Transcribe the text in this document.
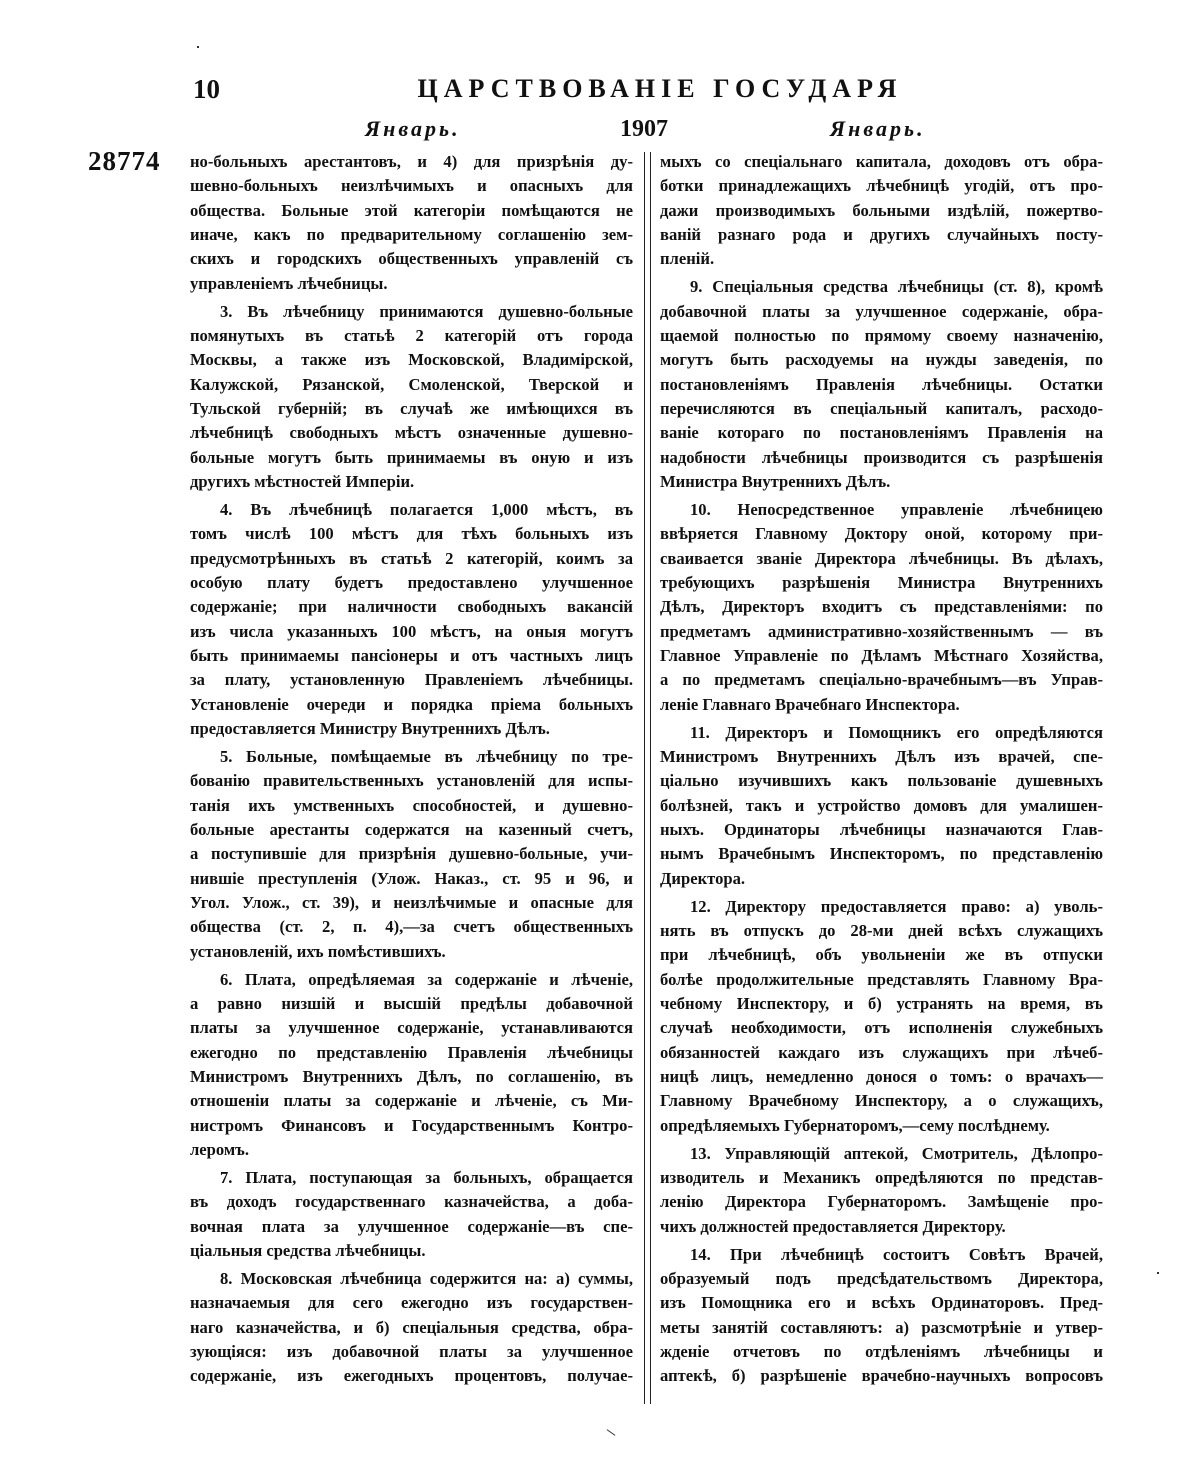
10	ЦАРСТВОВАНІЕ ГОСУДАРЯ
Январь.	1907	Январь.
28774 но-больныхъ арестантовъ, и 4) для призрѣнія ду-
шевно-больныхъ неизлѣчимыхъ и опасныхъ для
общества. Больные этой категоріи помѣщаются не
иначе, какъ по предварительному соглашенію зем-
скихъ и городскихъ общественныхъ управленій съ
управленіемъ лѣчебницы.
3. Въ лѣчебницу принимаются душевно-больные
помянутыхъ въ статьѣ 2 категорій отъ города
Москвы, а также изъ Московской, Владимірской,
Калужской, Рязанской, Смоленской, Тверской и
Тульской губерній; въ случаѣ же имѣющихся въ
лѣчебницѣ свободныхъ мѣстъ означенные душевно-
больные могутъ быть принимаемы въ оную и изъ
другихъ мѣстностей Имперіи.
4. Въ лѣчебницѣ полагается 1,000 мѣстъ, въ
томъ числѣ 100 мѣстъ для тѣхъ больныхъ изъ
предусмотрѣнныхъ въ статьѣ 2 категорій, коимъ за
особую плату будетъ предоставлено улучшенное
содержаніе; при наличности свободныхъ вакансій
изъ числа указанныхъ 100 мѣстъ, на оныя могутъ
быть принимаемы пансіонеры и отъ частныхъ лицъ
за плату, установленную Правленіемъ лѣчебницы.
Установленіе очереди и порядка пріема больныхъ
предоставляется Министру Внутреннихъ Дѣлъ.
5. Больные, помѣщаемые въ лѣчебницу по тре-
бованію правительственныхъ установленій для испы-
танія ихъ умственныхъ способностей, и душевно-
больные арестанты содержатся на казенный счетъ,
а поступившіе для призрѣнія душевно-больные, учи-
нившіе преступленія (Улож. Наказ., ст. 95 и 96, и
Угол. Улож., ст. 39), и неизлѣчимые и опасные для
общества (ст. 2, п. 4),—за счетъ общественныхъ
установленій, ихъ помѣстившихъ.
6. Плата, опредѣляемая за содержаніе и лѣченіе,
а равно низшій и высшій предѣлы добавочной
платы за улучшенное содержаніе, устанавливаются
ежегодно по представленію Правленія лѣчебницы
Министромъ Внутреннихъ Дѣлъ, по соглашенію, въ
отношеніи платы за содержаніе и лѣченіе, съ Ми-
нистромъ Финансовъ и Государственнымъ Контро-
леромъ.
7. Плата, поступающая за больныхъ, обращается
въ доходъ государственнаго казначейства, а доба-
вочная плата за улучшенное содержаніе—въ спе-
ціальныя средства лѣчебницы.
8. Московская лѣчебница содержится на: а) суммы,
назначаемыя для сего ежегодно изъ государствен-
наго казначейства, и б) спеціальныя средства, обра-
зующіяся: изъ добавочной платы за улучшенное
содержаніе, изъ ежегодныхъ процентовъ, получае-
мыхъ со спеціальнаго капитала, доходовъ отъ обра-
ботки принадлежащихъ лѣчебницѣ угодій, отъ про-
дажи производимыхъ больными издѣлій, пожертво-
ваній разнаго рода и другихъ случайныхъ посту-
пленій.
9. Спеціальныя средства лѣчебницы (ст. 8), кромѣ
добавочной платы за улучшенное содержаніе, обра-
щаемой полностью по прямому своему назначенію,
могутъ быть расходуемы на нужды заведенія, по
постановленіямъ Правленія лѣчебницы. Остатки
перечисляются въ спеціальный капиталъ, расходо-
ваніе котораго по постановленіямъ Правленія на
надобности лѣчебницы производится съ разрѣшенія
Министра Внутреннихъ Дѣлъ.
10. Непосредственное управленіе лѣчебницею
ввѣряется Главному Доктору оной, которому при-
сваивается званіе Директора лѣчебницы. Въ дѣлахъ,
требующихъ разрѣшенія Министра Внутреннихъ
Дѣлъ, Директоръ входитъ съ представленіями: по
предметамъ административно-хозяйственнымъ — въ
Главное Управленіе по Дѣламъ Мѣстнаго Хозяйства,
а по предметамъ спеціально-врачебнымъ—въ Управ-
леніе Главнаго Врачебнаго Инспектора.
11. Директоръ и Помощникъ его опредѣляются
Министромъ Внутреннихъ Дѣлъ изъ врачей, спе-
ціально изучившихъ какъ пользованіе душевныхъ
болѣзней, такъ и устройство домовъ для умалишен-
ныхъ. Ординаторы лѣчебницы назначаются Глав-
нымъ Врачебнымъ Инспекторомъ, по представленію
Директора.
12. Директору предоставляется право: а) уволь-
нять въ отпускъ до 28-ми дней всѣхъ служащихъ
при лѣчебницѣ, объ увольненіи же въ отпуски
болѣе продолжительные представлять Главному Вра-
чебному Инспектору, и б) устранять на время, въ
случаѣ необходимости, отъ исполненія служебныхъ
обязанностей каждаго изъ служащихъ при лѣчеб-
ницѣ лицъ, немедленно донося о томъ: о врачахъ—
Главному Врачебному Инспектору, а о служащихъ,
опредѣляемыхъ Губернаторомъ,—сему послѣднему.
13. Управляющій аптекой, Смотритель, Дѣлопро-
изводитель и Механикъ опредѣляются по представ-
ленію Директора Губернаторомъ. Замѣщеніе про-
чихъ должностей предоставляется Директору.
14. При лѣчебницѣ состоитъ Совѣтъ Врачей,
образуемый подъ предсѣдательствомъ Директора,
изъ Помощника его и всѣхъ Ординаторовъ. Пред-
меты занятій составляютъ: а) разсмотрѣніе и утвер-
жденіе отчетовъ по отдѣленіямъ лѣчебницы и
аптекѣ, б) разрѣшеніе врачебно-научныхъ вопросовъ
